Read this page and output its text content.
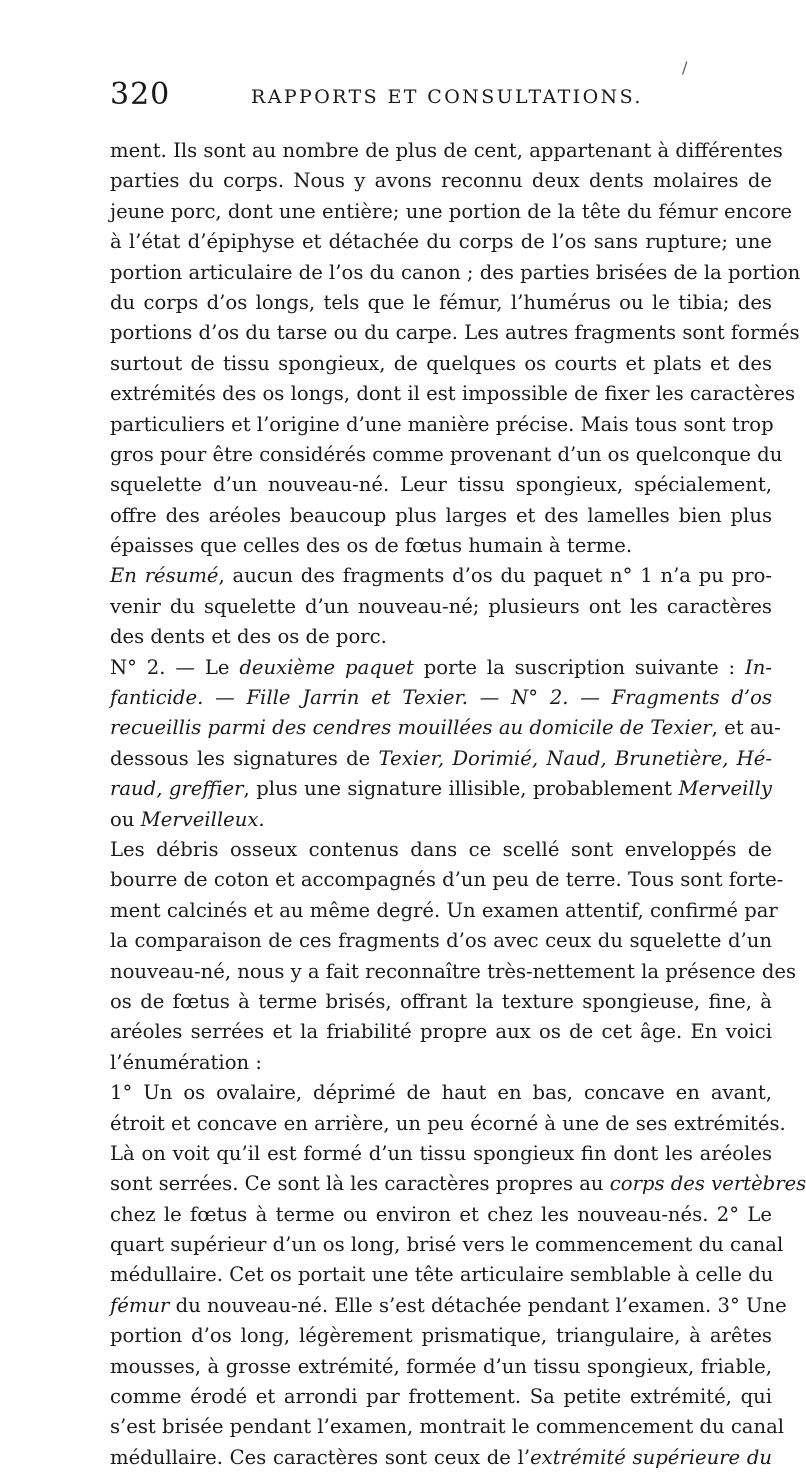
/
320	RAPPORTS ET CONSULTATIONS.
ment. Ils sont au nombre de plus de cent, appartenant à différentes
parties du corps. Nous y avons reconnu deux dents molaires de
jeune porc, dont une entière; une portion de la tête du fémur encore
à l’état d’épiphyse et détachée du corps de l’os sans rupture; une
portion articulaire de l’os du canon ; des parties brisées de la portion
du corps d’os longs, tels que le fémur, l’humérus ou le tibia; des
portions d’os du tarse ou du carpe. Les autres fragments sont formés
surtout de tissu spongieux, de quelques os courts et plats et des
extrémités des os longs, dont il est impossible de fixer les caractères
particuliers et l’origine d’une manière précise. Mais tous sont trop
gros pour être considérés comme provenant d’un os quelconque du
squelette d’un nouveau-né. Leur tissu spongieux, spécialement,
offre des aréoles beaucoup plus larges et des lamelles bien plus
épaisses que celles des os de fœtus humain à terme.
En résumé, aucun des fragments d’os du paquet n° 1 n’a pu pro-
venir du squelette d’un nouveau-né; plusieurs ont les caractères
des dents et des os de porc.
N° 2. — Le deuxième paquet porte la suscription suivante : In-
fanticide. — Fille Jarrin et Texier. — N° 2. — Fragments d’os
recueillis parmi des cendres mouillées au domicile de Texier, et au-
dessous les signatures de Texier, Dorimié, Naud, Brunetière, Hé-
raud, greffier, plus une signature illisible, probablement Merveilly
ou Merveilleux.
Les débris osseux contenus dans ce scellé sont enveloppés de
bourre de coton et accompagnés d’un peu de terre. Tous sont forte-
ment calcinés et au même degré. Un examen attentif, confirmé par
la comparaison de ces fragments d’os avec ceux du squelette d’un
nouveau-né, nous y a fait reconnaître très-nettement la présence des
os de fœtus à terme brisés, offrant la texture spongieuse, fine, à
aréoles serrées et la friabilité propre aux os de cet âge. En voici
l’énumération :
1° Un os ovalaire, déprimé de haut en bas, concave en avant,
étroit et concave en arrière, un peu écorné à une de ses extrémités.
Là on voit qu’il est formé d’un tissu spongieux fin dont les aréoles
sont serrées. Ce sont là les caractères propres au corps des vertèbres
chez le fœtus à terme ou environ et chez les nouveau-nés. 2° Le
quart supérieur d’un os long, brisé vers le commencement du canal
médullaire. Cet os portait une tête articulaire semblable à celle du
fémur du nouveau-né. Elle s’est détachée pendant l’examen. 3° Une
portion d’os long, légèrement prismatique, triangulaire, à arêtes
mousses, à grosse extrémité, formée d’un tissu spongieux, friable,
comme érodé et arrondi par frottement. Sa petite extrémité, qui
s’est brisée pendant l’examen, montrait le commencement du canal
médullaire. Ces caractères sont ceux de l’extrémité supérieure du
